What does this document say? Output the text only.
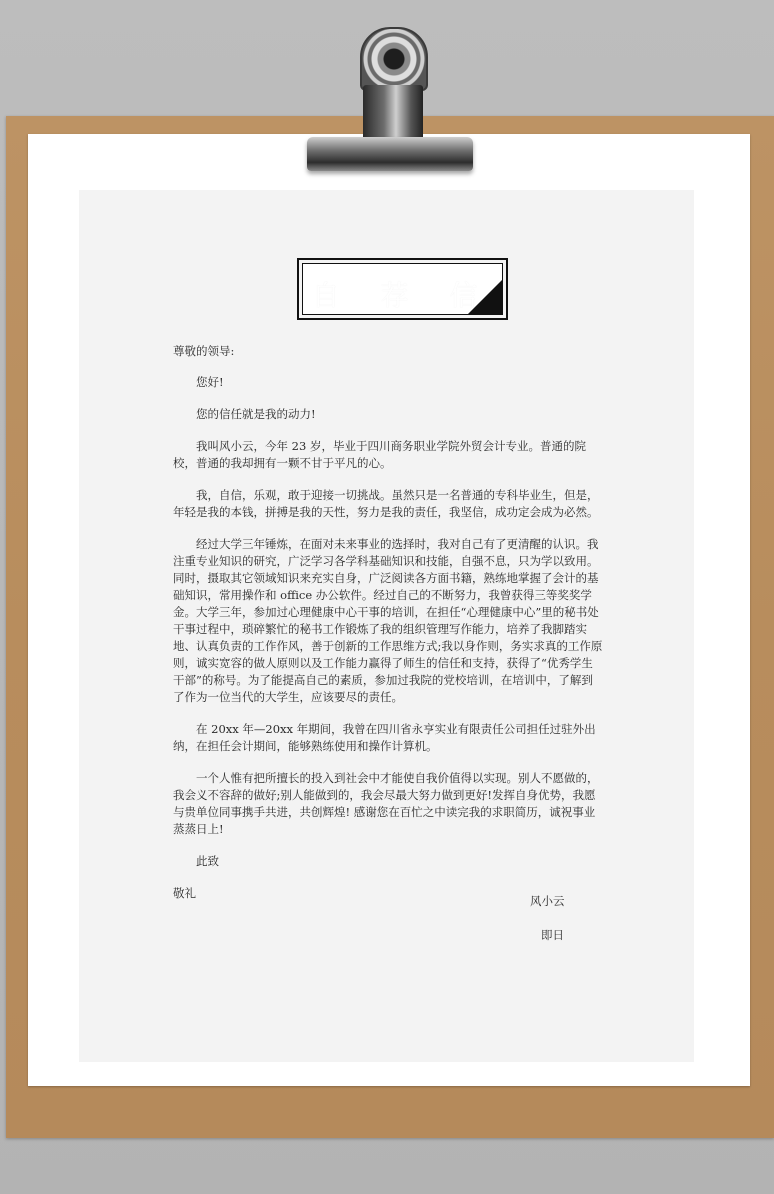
自 荐 信

尊敬的领导:

您好!

您的信任就是我的动力!

我叫风小云，今年 23 岁，毕业于四川商务职业学院外贸会计专业。普通的院校，普通的我却拥有一颗不甘于平凡的心。

我，自信，乐观，敢于迎接一切挑战。虽然只是一名普通的专科毕业生，但是，年轻是我的本钱，拼搏是我的天性，努力是我的责任，我坚信，成功定会成为必然。

经过大学三年锤炼，在面对未来事业的选择时，我对自己有了更清醒的认识。我注重专业知识的研究，广泛学习各学科基础知识和技能，自强不息，只为学以致用。同时，摄取其它领域知识来充实自身，广泛阅读各方面书籍，熟练地掌握了会计的基础知识，常用操作和 office 办公软件。经过自己的不断努力，我曾获得三等奖奖学金。大学三年，参加过心理健康中心干事的培训，在担任“心理健康中心”里的秘书处干事过程中，琐碎繁忙的秘书工作锻炼了我的组织管理写作能力，培养了我脚踏实地、认真负责的工作作风，善于创新的工作思维方式;我以身作则，务实求真的工作原则，诚实宽容的做人原则以及工作能力赢得了师生的信任和支持，获得了“优秀学生干部”的称号。为了能提高自己的素质，参加过我院的党校培训，在培训中，了解到了作为一位当代的大学生，应该要尽的责任。

在 20xx 年—20xx 年期间，我曾在四川省永亨实业有限责任公司担任过驻外出纳，在担任会计期间，能够熟练使用和操作计算机。

一个人惟有把所擅长的投入到社会中才能使自我价值得以实现。别人不愿做的，我会义不容辞的做好;别人能做到的，我会尽最大努力做到更好!发挥自身优势，我愿与贵单位同事携手共进，共创辉煌! 感谢您在百忙之中读完我的求职简历，诚祝事业蒸蒸日上!

此致

敬礼

风小云
即日
